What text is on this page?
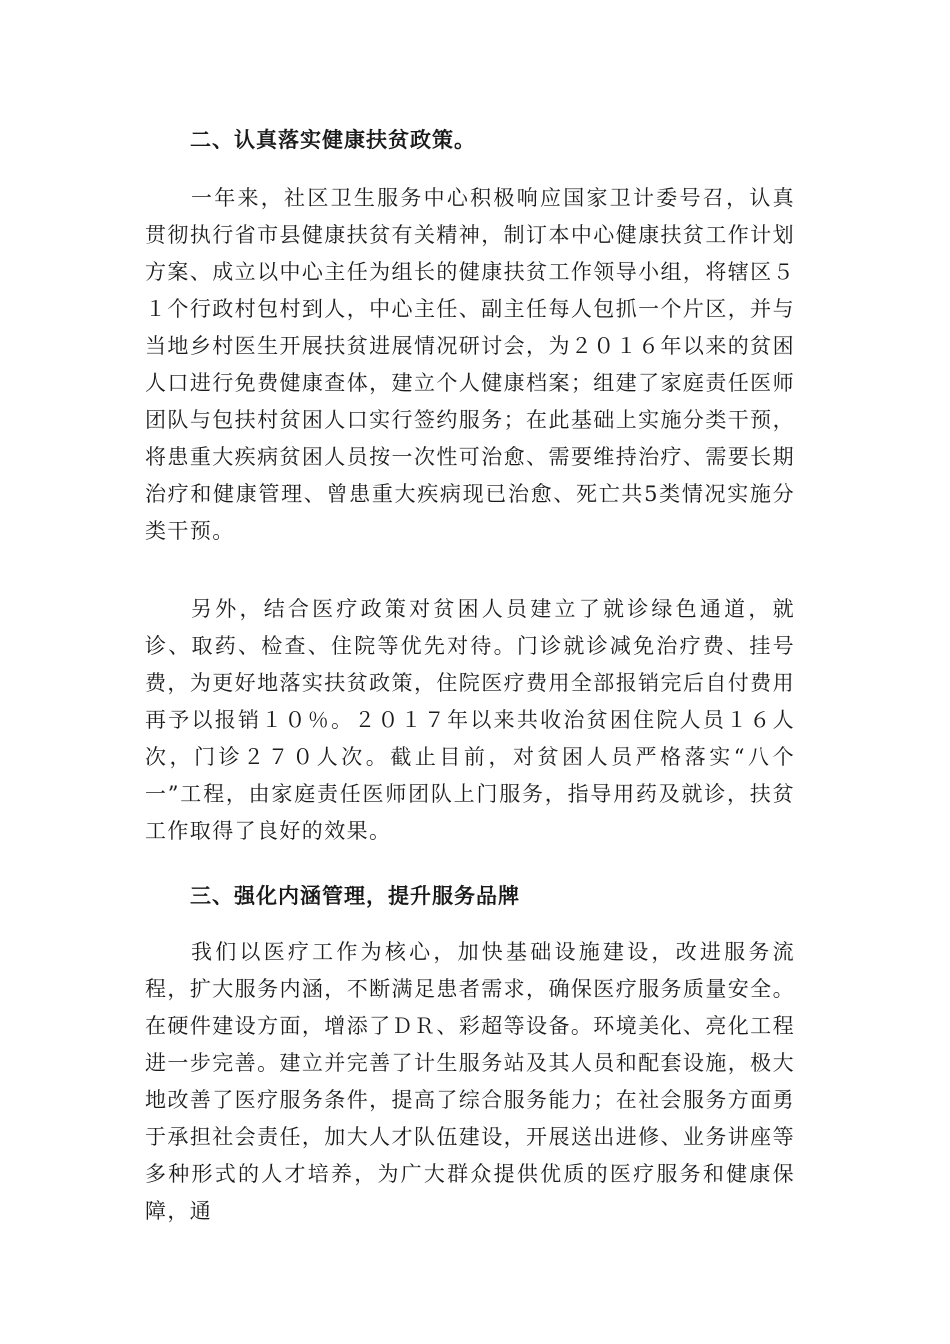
二、认真落实健康扶贫政策。
一年来，社区卫生服务中心积极响应国家卫计委号召，认真贯彻执行省市县健康扶贫有关精神，制订本中心健康扶贫工作计划方案、成立以中心主任为组长的健康扶贫工作领导小组，将辖区５１个行政村包村到人，中心主任、副主任每人包抓一个片区，并与当地乡村医生开展扶贫进展情况研讨会，为２０１６年以来的贫困人口进行免费健康查体，建立个人健康档案；组建了家庭责任医师团队与包扶村贫困人口实行签约服务；在此基础上实施分类干预，将患重大疾病贫困人员按一次性可治愈、需要维持治疗、需要长期治疗和健康管理、曾患重大疾病现已治愈、死亡共5类情况实施分类干预。
另外，结合医疗政策对贫困人员建立了就诊绿色通道，就诊、取药、检查、住院等优先对待。门诊就诊减免治疗费、挂号费，为更好地落实扶贫政策，住院医疗费用全部报销完后自付费用再予以报销１０％。２０１７年以来共收治贫困住院人员１６人次，门诊２７０人次。截止目前，对贫困人员严格落实“八个一”工程，由家庭责任医师团队上门服务，指导用药及就诊，扶贫工作取得了良好的效果。
三、强化内涵管理，提升服务品牌
我们以医疗工作为核心，加快基础设施建设，改进服务流程，扩大服务内涵，不断满足患者需求，确保医疗服务质量安全。在硬件建设方面，增添了ＤＲ、彩超等设备。环境美化、亮化工程进一步完善。建立并完善了计生服务站及其人员和配套设施，极大地改善了医疗服务条件，提高了综合服务能力；在社会服务方面勇于承担社会责任，加大人才队伍建设，开展送出进修、业务讲座等多种形式的人才培养，为广大群众提供优质的医疗服务和健康保障，通
